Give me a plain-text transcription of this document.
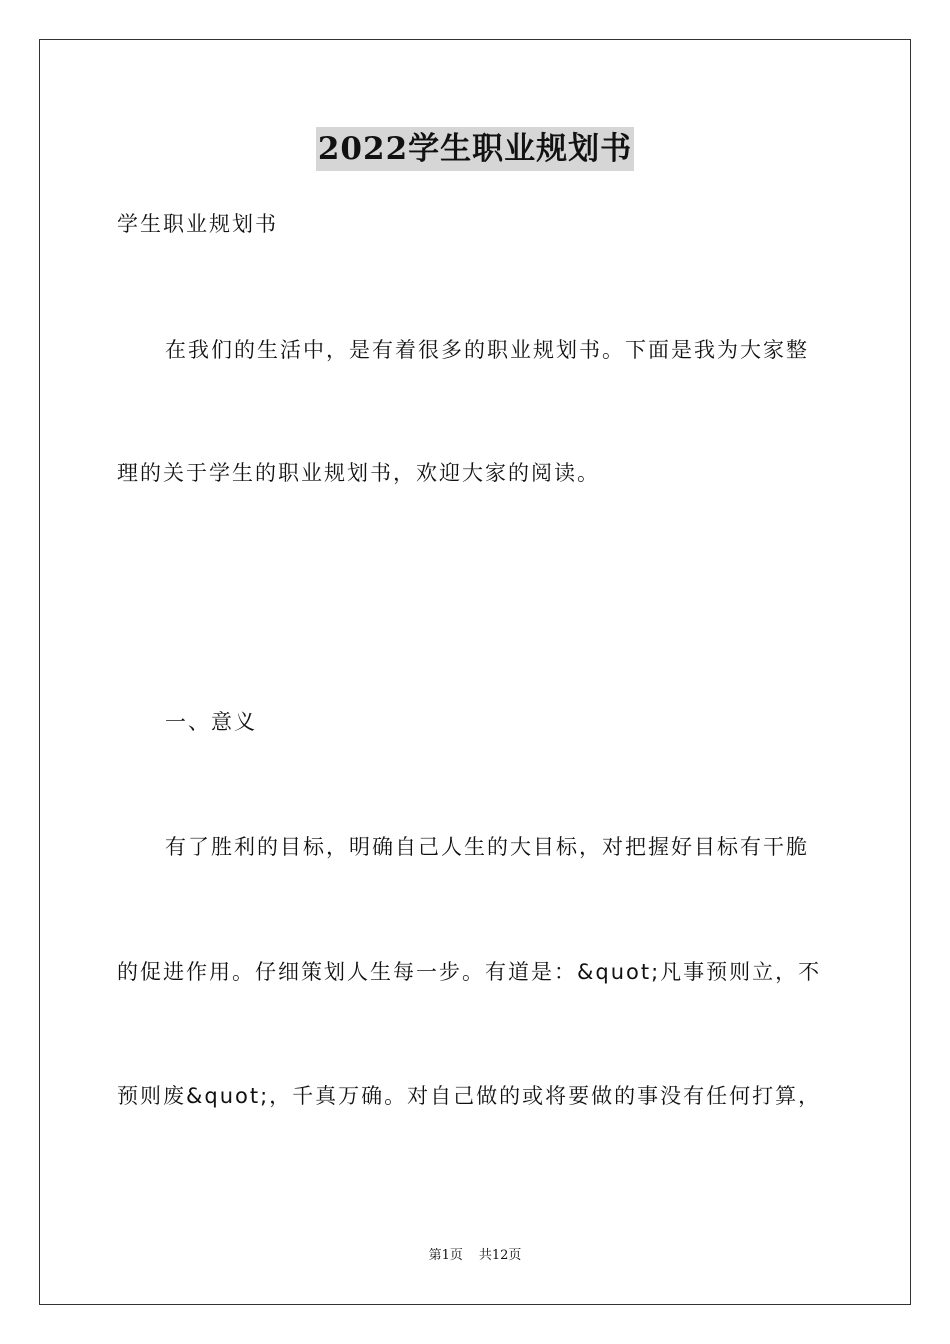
2022学生职业规划书
学生职业规划书
在我们的生活中，是有着很多的职业规划书。下面是我为大家整
理的关于学生的职业规划书，欢迎大家的阅读。
一、意义
有了胜利的目标，明确自己人生的大目标，对把握好目标有干脆
的促进作用。仔细策划人生每一步。有道是：&quot;凡事预则立，不
预则废&quot;，千真万确。对自己做的或将要做的事没有任何打算，
第1页 共12页
